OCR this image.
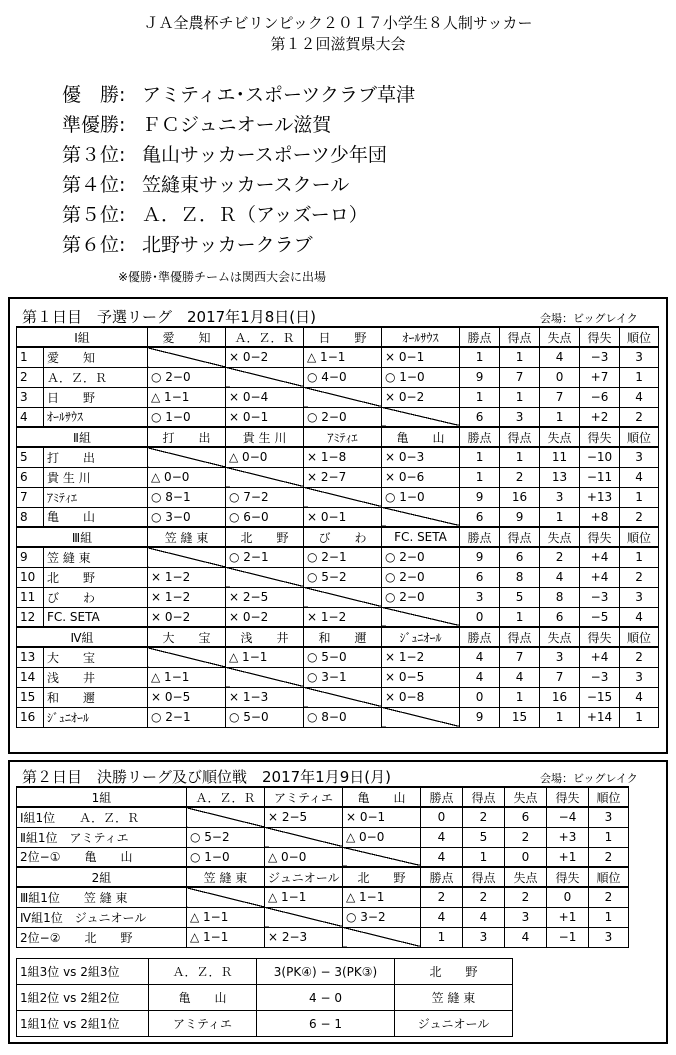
ＪＡ全農杯チビリンピック２０１７小学生８人制サッカー
第１２回滋賀県大会
優　勝: アミティエ･スポーツクラブ草津
準優勝: ＦＣジュニオール滋賀
第３位: 亀山サッカースポーツ少年団
第４位: 笠縫東サッカースクール
第５位: Ａ．Ｚ．Ｒ（アッズーロ）
第６位: 北野サッカークラブ
※優勝･準優勝チームは関西大会に出場
第１日目　予選リーグ　2017年1月8日(日)	会場：ビッグレイク
Ⅰ組		愛　　知	Ａ．Ｚ．Ｒ	日　　野	ｵｰﾙｻｳｽ	勝点	得点	失点	得失	順位
1	愛　　知		× 0−2	△ 1−1	× 0−1	1	1	4	−3	3
2	Ａ．Ｚ．Ｒ	○ 2−0		○ 4−0	○ 1−0	9	7	0	+7	1
3	日　　野	△ 1−1	× 0−4		× 0−2	1	1	7	−6	4
4	ｵｰﾙｻｳｽ	○ 1−0	× 0−1	○ 2−0		6	3	1	+2	2
Ⅱ組		打　　出	貴 生 川	ｱﾐﾃｨｴ	亀　　山	勝点	得点	失点	得失	順位
5	打　　出		△ 0−0	× 1−8	× 0−3	1	1	11	−10	3
6	貴 生 川	△ 0−0		× 2−7	× 0−6	1	2	13	−11	4
7	ｱﾐﾃｨｴ	○ 8−1	○ 7−2		○ 1−0	9	16	3	+13	1
8	亀　　山	○ 3−0	○ 6−0	× 0−1		6	9	1	+8	2
Ⅲ組		笠 縫 東	北　　野	び　　わ	FC. SETA	勝点	得点	失点	得失	順位
9	笠 縫 東		○ 2−1	○ 2−1	○ 2−0	9	6	2	+4	1
10	北　　野	× 1−2		○ 5−2	○ 2−0	6	8	4	+4	2
11	び　　わ	× 1−2	× 2−5		○ 2−0	3	5	8	−3	3
12	FC. SETA	× 0−2	× 0−2	× 1−2		0	1	6	−5	4
Ⅳ組		大　　宝	浅　　井	和　　邇	ｼﾞｭﾆｵｰﾙ	勝点	得点	失点	得失	順位
13	大　　宝		△ 1−1	○ 5−0	× 1−2	4	7	3	+4	2
14	浅　　井	△ 1−1		○ 3−1	× 0−5	4	4	7	−3	3
15	和　　邇	× 0−5	× 1−3		× 0−8	0	1	16	−15	4
16	ｼﾞｭﾆｵｰﾙ	○ 2−1	○ 5−0	○ 8−0		9	15	1	+14	1
第２日目　決勝リーグ及び順位戦　2017年1月9日(月)	会場：ビッグレイク
1組	Ａ．Ｚ．Ｒ	アミティエ	亀　　山	勝点	得点	失点	得失	順位
Ⅰ組1位　　Ａ．Ｚ．Ｒ		× 2−5	× 0−1	0	2	6	−4	3
Ⅱ組1位　アミティエ	○ 5−2		△ 0−0	4	5	2	+3	1
2位−①　　亀　　山	○ 1−0	△ 0−0		4	1	0	+1	2
2組	笠 縫 東	ジュニオール	北　　野	勝点	得点	失点	得失	順位
Ⅲ組1位　　笠 縫 東		△ 1−1	△ 1−1	2	2	2	0	2
Ⅳ組1位　ジュニオール	△ 1−1		○ 3−2	4	4	3	+1	1
2位−②　　北　　野	△ 1−1	× 2−3		1	3	4	−1	3
1組3位 vs 2組3位	Ａ．Ｚ．Ｒ	3(PK④) − 3(PK③)	北　　野
1組2位 vs 2組2位	亀　　山	4 − 0	笠 縫 東
1組1位 vs 2組1位	アミティエ	6 − 1	ジュニオール
